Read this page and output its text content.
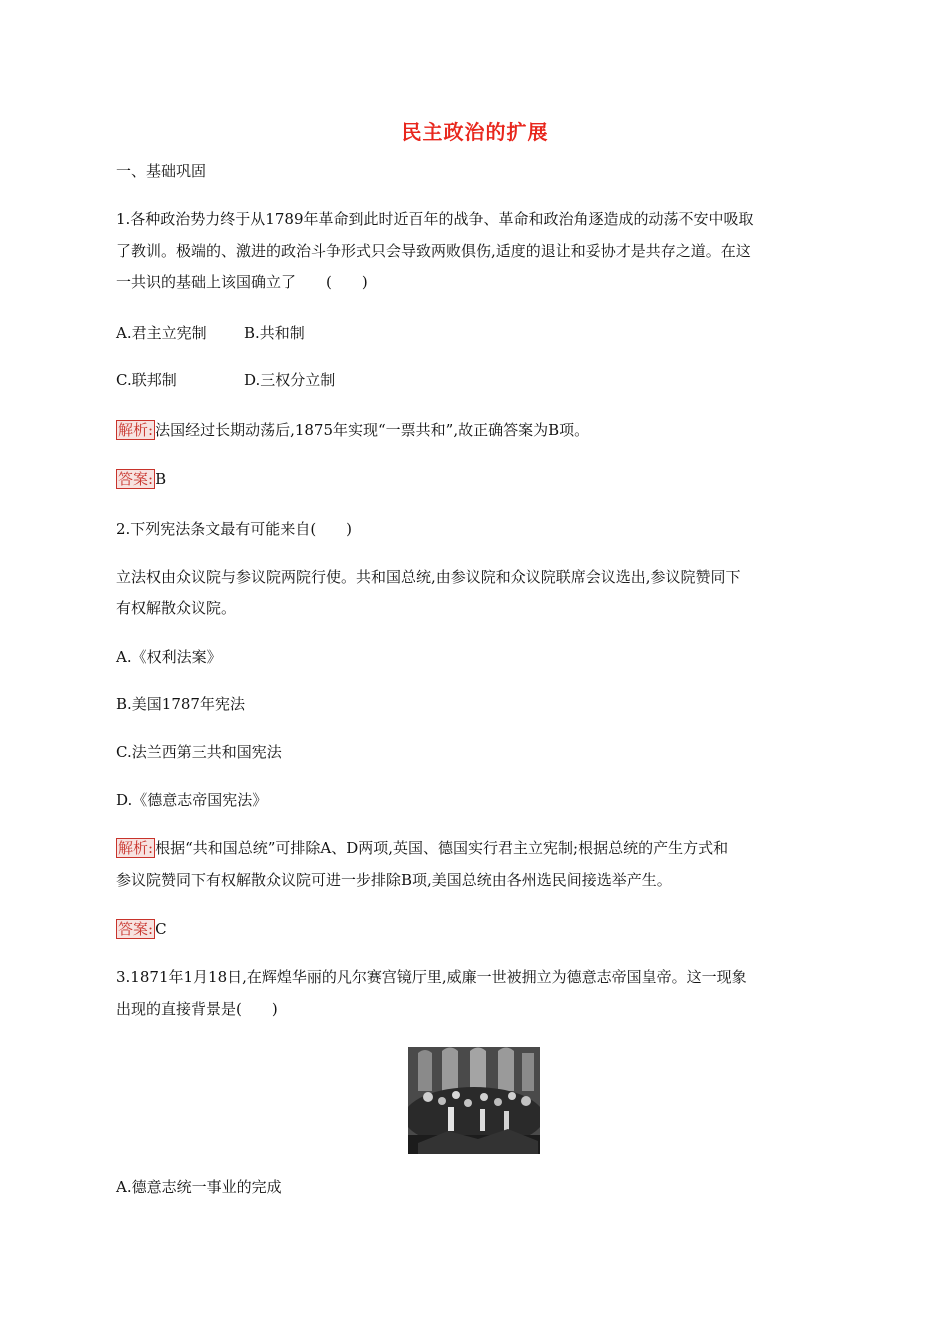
民主政治的扩展
一、基础巩固
1.各种政治势力终于从1789年革命到此时近百年的战争、革命和政治角逐造成的动荡不安中吸取
了教训。极端的、激进的政治斗争形式只会导致两败俱伤,适度的退让和妥协才是共存之道。在这
一共识的基础上该国确立了　　(　　)
A.君主立宪制 B.共和制
C.联邦制	D.三权分立制
解析: 法国经过长期动荡后,1875年实现“一票共和”,故正确答案为B项。
答案: B
2.下列宪法条文最有可能来自(　　)
立法权由众议院与参议院两院行使。共和国总统,由参议院和众议院联席会议选出,参议院赞同下
有权解散众议院。
A.《权利法案》
B.美国1787年宪法
C.法兰西第三共和国宪法
D.《德意志帝国宪法》
解析: 根据“共和国总统”可排除A、D两项,英国、德国实行君主立宪制;根据总统的产生方式和
参议院赞同下有权解散众议院可进一步排除B项,美国总统由各州选民间接选举产生。
答案: C
3.1871年1月18日,在辉煌华丽的凡尔赛宫镜厅里,威廉一世被拥立为德意志帝国皇帝。这一现象
出现的直接背景是(　　)
A.德意志统一事业的完成
